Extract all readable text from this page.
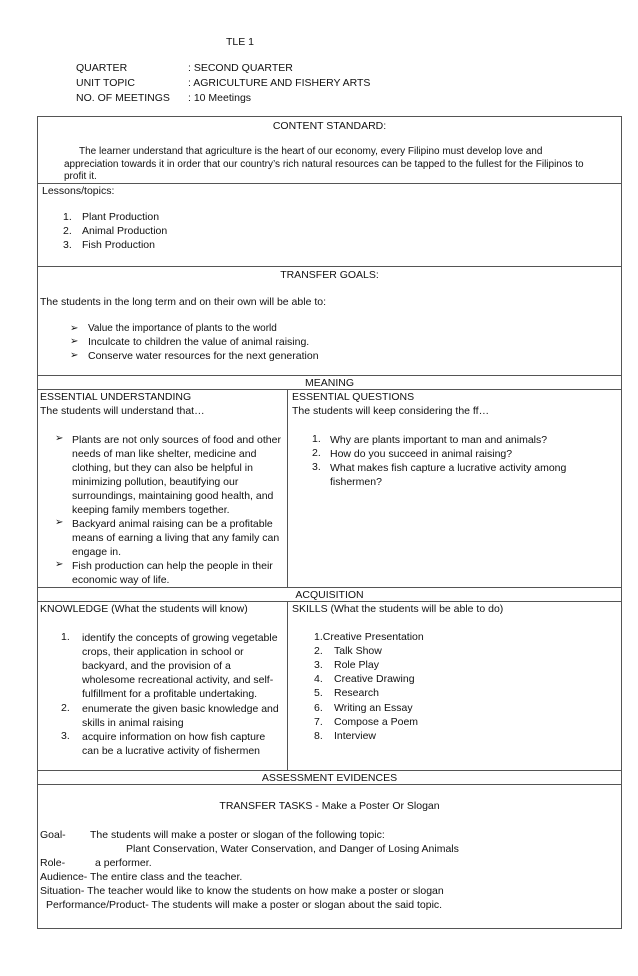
TLE 1
QUARTER	: SECOND QUARTER
UNIT TOPIC	: AGRICULTURE AND FISHERY ARTS
NO. OF MEETINGS : 10 Meetings
CONTENT STANDARD:
The learner understand that agriculture is the heart of our economy, every Filipino must develop love and appreciation towards it in order that our country’s rich natural resources can be tapped to the fullest for the Filipinos to profit it.
Lessons/topics:
1. Plant Production
2. Animal Production
3. Fish Production
TRANSFER GOALS:
The students in the long term and on their own will be able to:
➢ Value the importance of plants to the world
➢ Inculcate to children the value of animal raising.
➢ Conserve water resources for the next generation
MEANING
ESSENTIAL UNDERSTANDING
The students will understand that…
➢ Plants are not only sources of food and other needs of man like shelter, medicine and clothing, but they can also be helpful in minimizing pollution, beautifying our surroundings, maintaining good health, and keeping family members together.
➢ Backyard animal raising can be a profitable means of earning a living that any family can engage in.
➢ Fish production can help the people in their economic way of life.
ESSENTIAL QUESTIONS
The students will keep considering the ff…
1. Why are plants important to man and animals?
2. How do you succeed in animal raising?
3. What makes fish capture a lucrative activity among fishermen?
ACQUISITION
KNOWLEDGE (What the students will know)
1. identify the concepts of growing vegetable crops, their application in school or backyard, and the provision of a wholesome recreational activity, and self-fulfillment for a profitable undertaking.
2. enumerate the given basic knowledge and skills in animal raising
3. acquire information on how fish capture can be a lucrative activity of fishermen
SKILLS (What the students will be able to do)
1.Creative Presentation
2. Talk Show
3. Role Play
4. Creative Drawing
5. Research
6. Writing an Essay
7. Compose a Poem
8. Interview
ASSESSMENT EVIDENCES
TRANSFER TASKS - Make a Poster Or Slogan
Goal- The students will make a poster or slogan of the following topic:
Plant Conservation, Water Conservation, and Danger of Losing Animals
Role-	a performer.
Audience- The entire class and the teacher.
Situation- The teacher would like to know the students on how make a poster or slogan
Performance/Product- The students will make a poster or slogan about the said topic.
